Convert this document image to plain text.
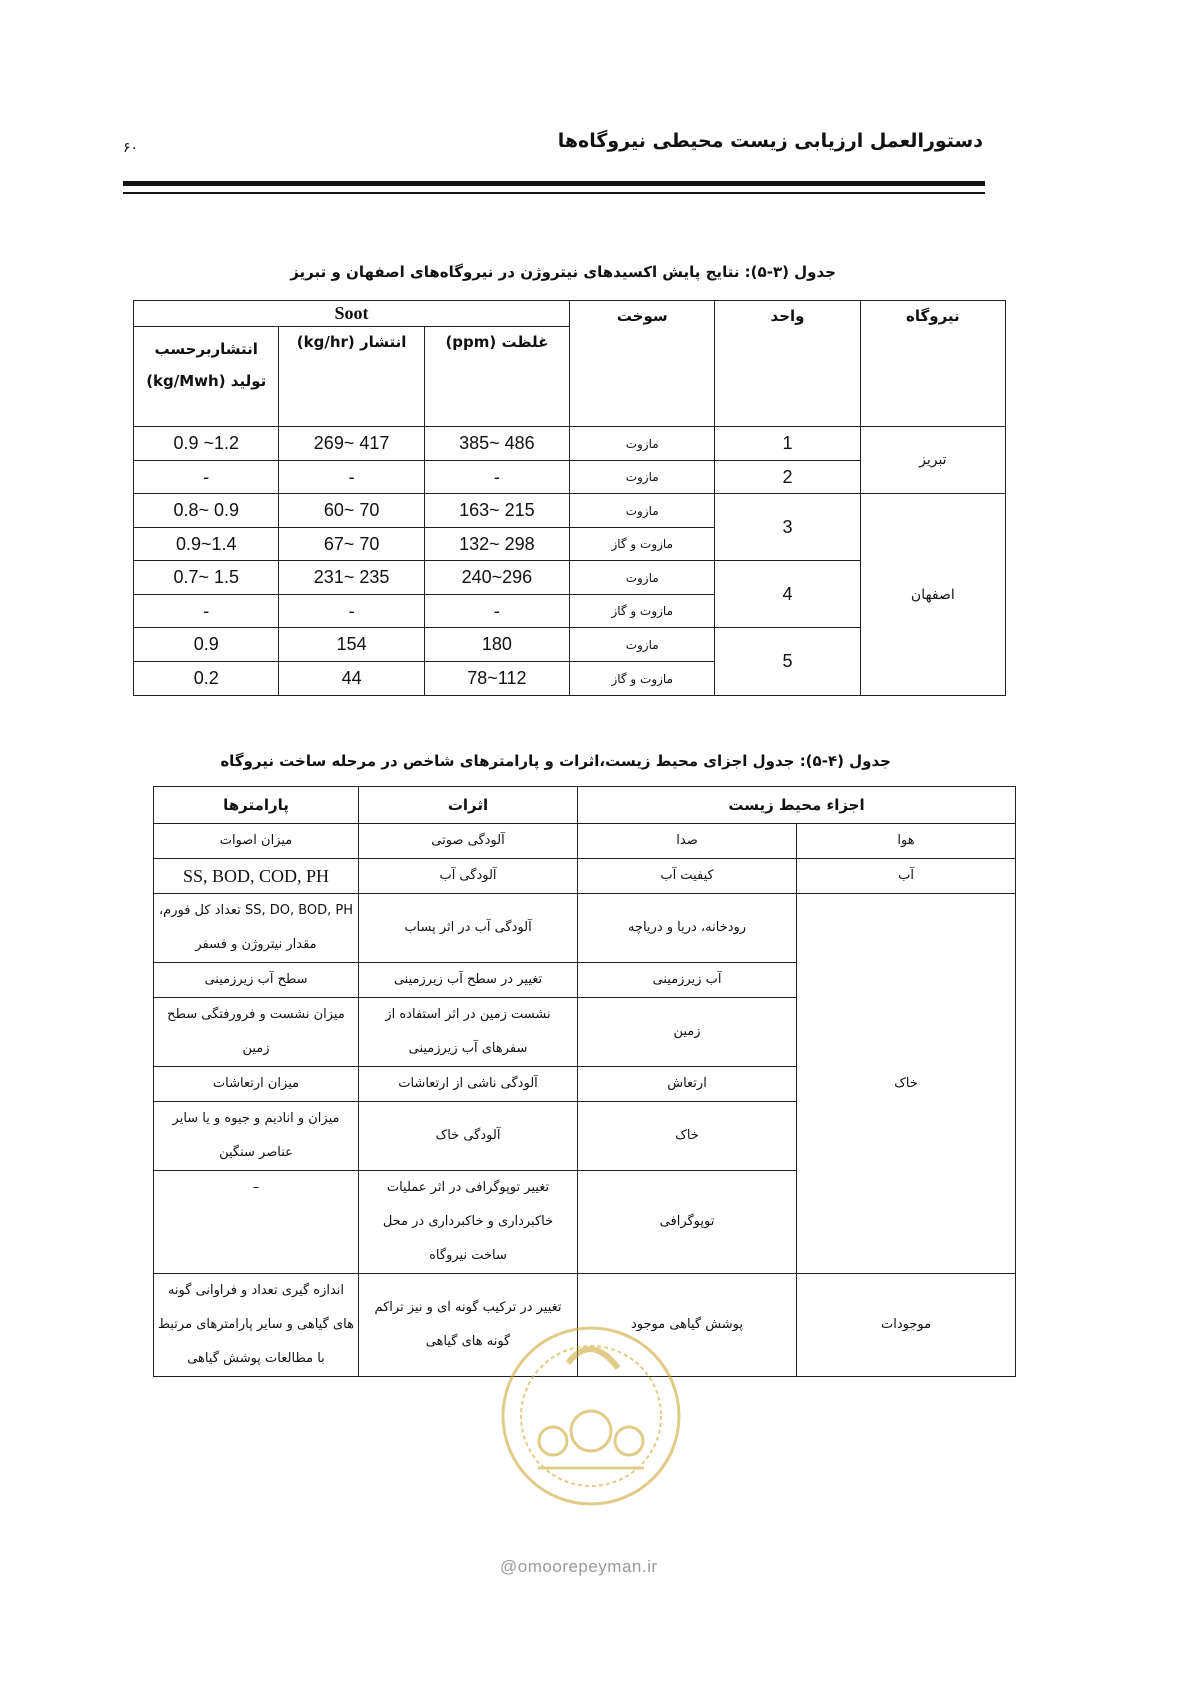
دستورالعمل ارزیابی زیست محیطی نیروگاه‌ها
۶۰
جدول (۳-۵): نتایج پایش اکسیدهای نیتروژن در نیروگاه‌های اصفهان و تبریز
نیروگاه	واحد	سوخت	Soot		
			غلظت (ppm)	انتشار (kg/hr)	انتشاربرحسب تولید (kg/Mwh)
تبریز	1	مازوت	385~ 486	269~ 417	0.9 ~1.2
	2	مازوت	-	-	-
اصفهان	3	مازوت	163~ 215	60~ 70	0.8~ 0.9
		مازوت و گاز	132~ 298	67~ 70	0.9~1.4
	4	مازوت	240~296	231~ 235	0.7~ 1.5
		مازوت و گاز	-	-	-
	5	مازوت	180	154	0.9
		مازوت و گاز	78~112	44	0.2
جدول (۴-۵): جدول اجزای محیط زیست،اثرات و پارامترهای شاخص در مرحله ساخت نیروگاه
اجزاء محیط زیست		اثرات	پارامترها
هوا	صدا	آلودگی صوتی	میزان اصوات
آب	کیفیت آب	آلودگی آب	SS, BOD, COD, PH
خاک	رودخانه، دریا و دریاچه	آلودگی آب در اثر پساب	SS, DO, BOD, PH تعداد کل فورم، مقدار نیتروژن و فسفر
	آب زیرزمینی	تغییر در سطح آب زیرزمینی	سطح آب زیرزمینی
	زمین	نشست زمین در اثر استفاده از سفرهای آب زیرزمینی	میزان نشست و فرورفتگی سطح زمین
	ارتعاش	آلودگی ناشی از ارتعاشات	میزان ارتعاشات
	خاک	آلودگی خاک	میزان و انادیم و جیوه و یا سایر عناصر سنگین
	توپوگرافی	تغییر توپوگرافی در اثر عملیات خاکبرداری و خاکبرداری در محل ساخت نیروگاه	–
موجودات	پوشش گیاهی موجود	تغییر در ترکیب گونه ای و نیز تراکم گونه های گیاهی	اندازه گیری تعداد و فراوانی گونه های گیاهی و سایر پارامترهای مرتبط با مطالعات پوشش گیاهی
@omoorepeyman.ir
